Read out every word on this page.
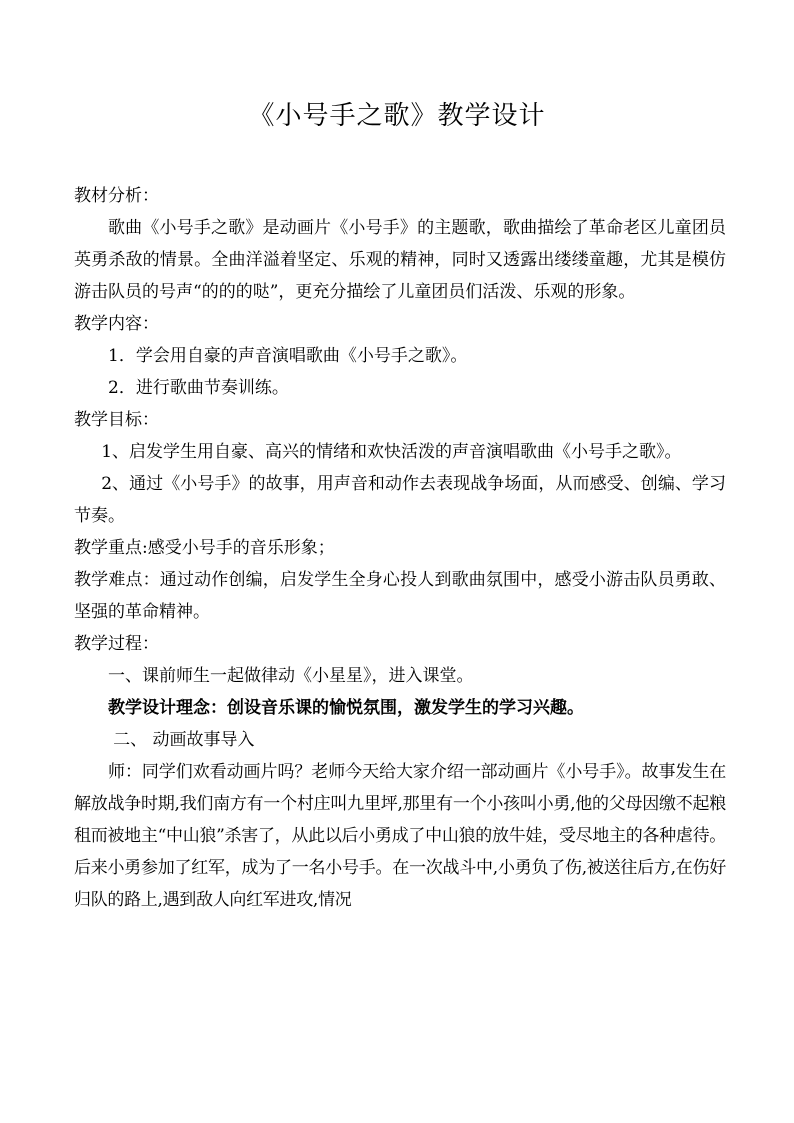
《小号手之歌》教学设计

教材分析：

歌曲《小号手之歌》是动画片《小号手》的主题歌，歌曲描绘了革命老区儿童团员英勇杀敌的情景。全曲洋溢着坚定、乐观的精神，同时又透露出缕缕童趣，尤其是模仿游击队员的号声“的的的哒”，更充分描绘了儿童团员们活泼、乐观的形象。

教学内容：

1．学会用自豪的声音演唱歌曲《小号手之歌》。

2．进行歌曲节奏训练。

教学目标：

1、启发学生用自豪、高兴的情绪和欢快活泼的声音演唱歌曲《小号手之歌》。

2、通过《小号手》的故事，用声音和动作去表现战争场面，从而感受、创编、学习节奏。

教学重点:感受小号手的音乐形象；

教学难点：通过动作创编，启发学生全身心投人到歌曲氛围中，感受小游击队员勇敢、坚强的革命精神。

教学过程：

一、课前师生一起做律动《小星星》，进入课堂。

教学设计理念：创设音乐课的愉悦氛围，激发学生的学习兴趣。

二、 动画故事导入

师：同学们欢看动画片吗？老师今天给大家介绍一部动画片《小号手》。故事发生在解放战争时期,我们南方有一个村庄叫九里坪,那里有一个小孩叫小勇,他的父母因缴不起粮租而被地主“中山狼”杀害了，从此以后小勇成了中山狼的放牛娃，受尽地主的各种虐待。后来小勇参加了红军，成为了一名小号手。在一次战斗中,小勇负了伤,被送往后方,在伤好归队的路上,遇到敌人向红军进攻,情况
